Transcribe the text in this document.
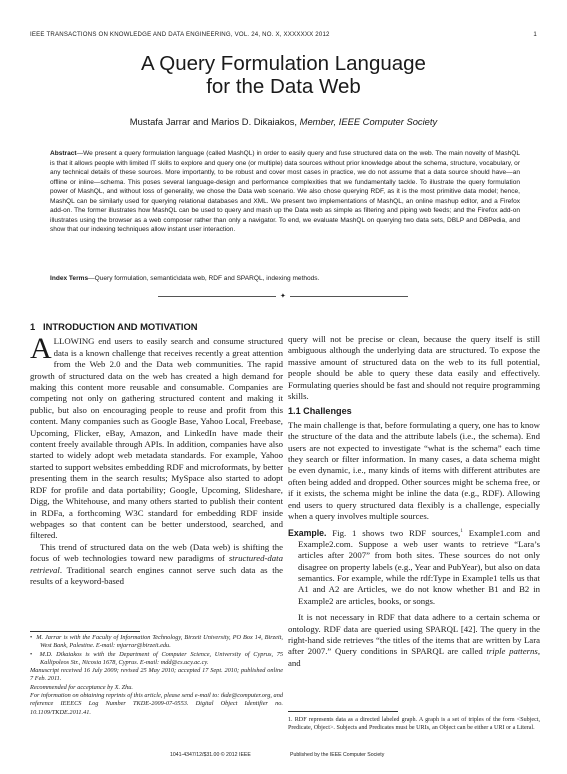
IEEE TRANSACTIONS ON KNOWLEDGE AND DATA ENGINEERING, VOL. 24, NO. X, XXXXXXX 2012	1
A Query Formulation Language
for the Data Web
Mustafa Jarrar and Marios D. Dikaiakos, Member, IEEE Computer Society
Abstract—We present a query formulation language (called MashQL) in order to easily query and fuse structured data on the web. The main novelty of MashQL is that it allows people with limited IT skills to explore and query one (or multiple) data sources without prior knowledge about the schema, structure, vocabulary, or any technical details of these sources. More importantly, to be robust and cover most cases in practice, we do not assume that a data source should have—an offline or inline—schema. This poses several language-design and performance complexities that we fundamentally tackle. To illustrate the query formulation power of MashQL, and without loss of generality, we chose the Data web scenario. We also chose querying RDF, as it is the most primitive data model; hence, MashQL can be similarly used for querying relational databases and XML. We present two implementations of MashQL, an online mashup editor, and a Firefox add-on. The former illustrates how MashQL can be used to query and mash up the Data web as simple as filtering and piping web feeds; and the Firefox add-on illustrates using the browser as a web composer rather than only a navigator. To end, we evaluate MashQL on querying two data sets, DBLP and DBPedia, and show that our indexing techniques allow instant user interaction.
Index Terms—Query formulation, semantic\data web, RDF and SPARQL, indexing methods.
✦
1 INTRODUCTION AND MOTIVATION

ALLOWING end users to easily search and consume structured data is a known challenge that receives recently a great attention from the Web 2.0 and the Data web communities. The rapid growth of structured data on the web has created a high demand for making this content more reusable and consumable. Companies are competing not only on gathering structured content and making it public, but also on encouraging people to reuse and profit from this content. Many companies such as Google Base, Yahoo Local, Freebase, Upcoming, Flicker, eBay, Amazon, and LinkedIn have made their content freely available through APIs. In addition, companies have also started to widely adopt web metadata standards. For example, Yahoo started to support websites embedding RDF and microformats, by better presenting them in the search results; MySpace also started to adopt RDF for profile and data portability; Google, Upcoming, Slideshare, Digg, the Whitehouse, and many others started to publish their content in RDFa, a forthcoming W3C standard for embedding RDF inside webpages so that content can be better understood, searched, and filtered.

This trend of structured data on the web (Data web) is shifting the focus of web technologies toward new paradigms of structured-data retrieval. Traditional search engines cannot serve such data as the results of a keyword-based

•  M. Jarrar is with the Faculty of Information Technology, Birzeit University, PO Box 14, Birzeit, West Bank, Palestine. E-mail: mjarrar@birzeit.edu.
•  M.D. Dikaiakos is with the Department of Computer Science, University of Cyprus, 75 Kallipoleos Str., Nicosia 1678, Cyprus. E-mail: mdd@cs.ucy.ac.cy.
Manuscript received 16 July 2009; revised 25 May 2010; accepted 17 Sept. 2010; published online 7 Feb. 2011.
Recommended for acceptance by X. Zhu.
For information on obtaining reprints of this article, please send e-mail to: tkde@computer.org, and reference IEEECS Log Number TKDE-2009-07-0553. Digital Object Identifier no. 10.1109/TKDE.2011.41.

query will not be precise or clean, because the query itself is still ambiguous although the underlying data are structured. To expose the massive amount of structured data on the web to its full potential, people should be able to query these data easily and effectively. Formulating queries should be fast and should not require programming skills.

1.1 Challenges

The main challenge is that, before formulating a query, one has to know the structure of the data and the attribute labels (i.e., the schema). End users are not expected to investigate “what is the schema” each time they search or filter information. In many cases, a data schema might be even dynamic, i.e., many kinds of items with different attributes are often being added and dropped. Other sources might be schema free, or if it exists, the schema might be inline the data (e.g., RDF). Allowing end users to query structured data flexibly is a challenge, especially when a query involves multiple sources.

Example. Fig. 1 shows two RDF sources,$^1$ Example1.com and Example2.com. Suppose a web user wants to retrieve “Lara’s articles after 2007” from both sites. These sources do not only disagree on property labels (e.g., Year and PubYear), but also on data semantics. For example, while the rdf:Type in Example1 tells us that A1 and A2 are Articles, we do not know whether B1 and B2 in Example2 are articles, books, or songs.

It is not necessary in RDF that data adhere to a certain schema or ontology. RDF data are queried using SPARQL [42]. The query in the right-hand side retrieves “the titles of the items that are written by Lara after 2007.” Query conditions in SPARQL are called triple patterns, and

1. RDF represents data as a directed labeled graph. A graph is a set of triples of the form <Subject, Predicate, Object>. Subjects and Predicates must be URIs, an Object can be either a URI or a Literal.
1041-4347/12/$31.00 © 2012 IEEE	Published by the IEEE Computer Society
